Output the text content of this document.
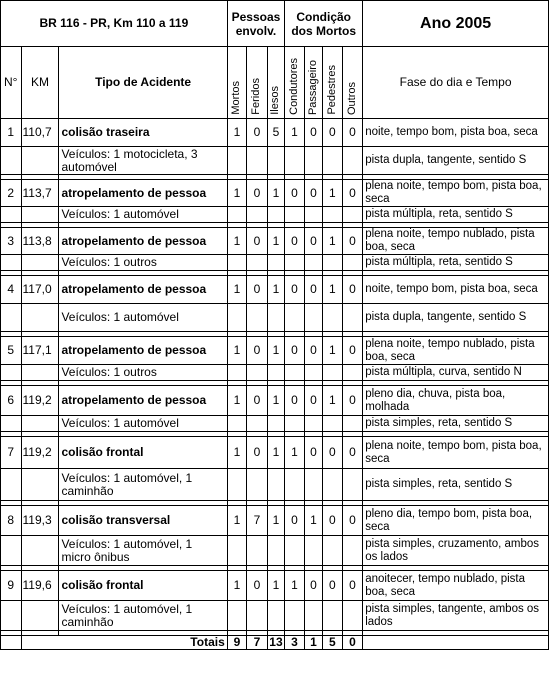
BR 116 - PR, Km 110 a 119			Pessoas envolv.			Condição dos Mortos				Ano 2005
N°	KM	Tipo de Acidente	Mortos	Feridos	Ilesos	Condutores	Passageiro	Pedestres	Outros	Fase do dia e Tempo
1	110,7	colisão traseira	1	0	5	1	0	0	0	noite, tempo bom, pista boa, seca
		Veículos: 1 motocicleta, 3 automóvel								pista dupla, tangente, sentido S

2	113,7	atropelamento de pessoa	1	0	1	0	0	1	0	plena noite, tempo bom, pista boa, seca
		Veículos: 1 automóvel								pista múltipla, reta, sentido S

3	113,8	atropelamento de pessoa	1	0	1	0	0	1	0	plena noite, tempo nublado, pista boa, seca
		Veículos: 1 outros								pista múltipla, reta, sentido S

4	117,0	atropelamento de pessoa	1	0	1	0	0	1	0	noite, tempo bom, pista boa, seca
		Veículos: 1 automóvel								pista dupla, tangente, sentido S

5	117,1	atropelamento de pessoa	1	0	1	0	0	1	0	plena noite, tempo nublado, pista boa, seca
		Veículos: 1 outros								pista múltipla, curva, sentido N

6	119,2	atropelamento de pessoa	1	0	1	0	0	1	0	pleno dia, chuva, pista boa, molhada
		Veículos: 1 automóvel								pista simples, reta, sentido S

7	119,2	colisão frontal	1	0	1	1	0	0	0	plena noite, tempo bom, pista boa, seca
		Veículos: 1 automóvel, 1 caminhão								pista simples, reta, sentido S

8	119,3	colisão transversal	1	7	1	0	1	0	0	pleno dia, tempo bom, pista boa, seca
		Veículos: 1 automóvel, 1 micro ônibus								pista simples, cruzamento, ambos os lados

9	119,6	colisão frontal	1	0	1	1	0	0	0	anoitecer, tempo nublado, pista boa, seca
		Veículos: 1 automóvel, 1 caminhão								pista simples, tangente, ambos os lados

	Totais		9	7	13	3	1	5	0	
